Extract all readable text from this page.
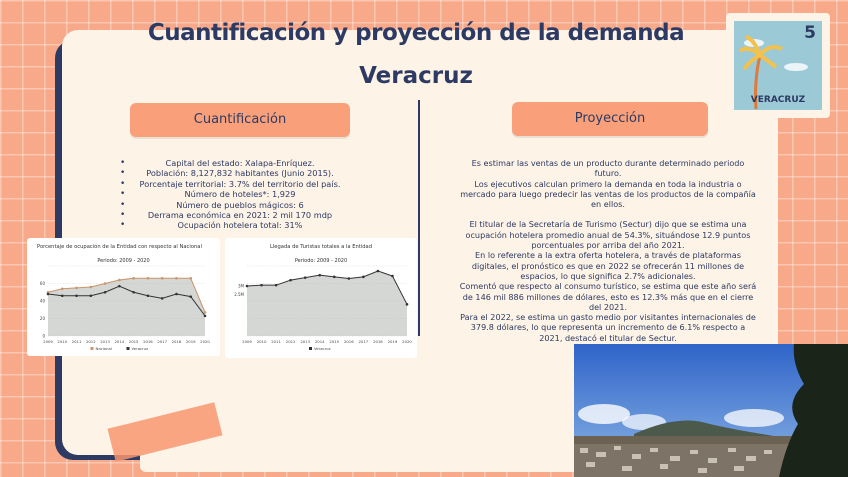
Cuantificación y proyección de la demanda
Veracruz
Cuantificación	Proyección
• Capital del estado: Xalapa-Enríquez.
• Población: 8,127,832 habitantes (Junio 2015).
• Porcentaje territorial: 3.7% del territorio del país.
• Número de hoteles*: 1,929
• Número de pueblos mágicos: 6
• Derrama económica en 2021: 2 mil 170 mdp
• Ocupación hotelera total: 31%

Es estimar las ventas de un producto durante determinado periodo futuro.

Los ejecutivos calculan primero la demanda en toda la industria o mercado para luego predecir las ventas de los productos de la compañía en ellos.

El titular de la Secretaría de Turismo (Sectur) dijo que se estima una ocupación hotelera promedio anual de 54.3%, situándose 12.9 puntos porcentuales por arriba del año 2021.

En lo referente a la extra oferta hotelera, a través de plataformas digitales, el pronóstico es que en 2022 se ofrecerán 11 millones de espacios, lo que significa 2.7% adicionales.

Comentó que respecto al consumo turístico, se estima que este año será de 146 mil 886 millones de dólares, esto es 12.3% más que en el cierre del 2021.

Para el 2022, se estima un gasto medio por visitantes internacionales de 379.8 dólares, lo que representa un incremento de 6.1% respecto a 2021, destacó el titular de Sectur.

Porcentaje de ocupación de la Entidad con respecto al Nacional
Periodo: 2009 - 2020
2009 2010 2011 2012 2013 2014 2015 2016 2017 2018 2019 2020
0
20
40
60
Nacional	Veracruz
Llegada de Turistas totales a la Entidad
Periodo: 2009 - 2020
2009 2010 2011 2012 2013 2014 2015 2016 2017 2018 2019 2020
2.5M
3M
Veracruz
5
VERACRUZ
